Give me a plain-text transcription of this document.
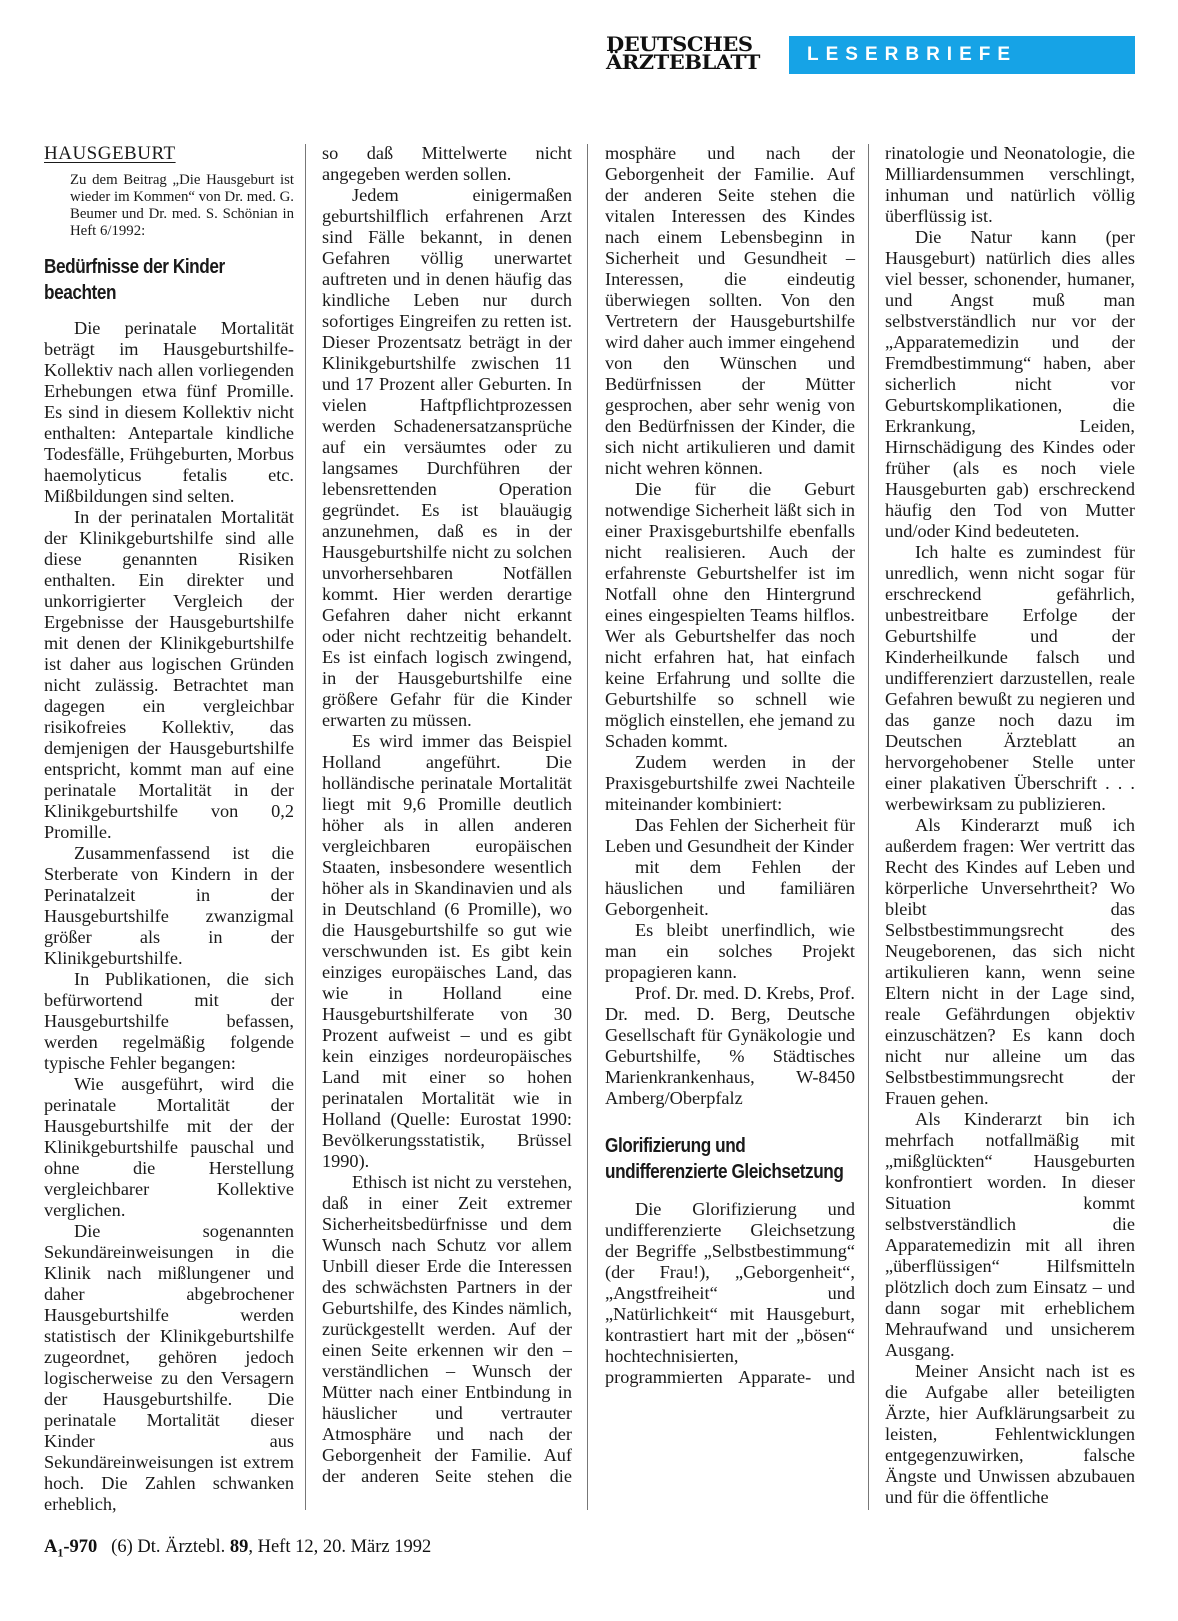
DEUTSCHES
ÄRZTEBLATT	LESERBRIEFE

HAUSGEBURT

Zu dem Beitrag „Die Hausgeburt ist wieder im Kommen“ von Dr. med. G. Beumer und Dr. med. S. Schönian in Heft 6/1992:

Bedürfnisse der Kinder beachten

Die perinatale Mortalität beträgt im Hausgeburtshilfe-Kollektiv nach allen vorliegenden Erhebungen etwa fünf Promille. Es sind in diesem Kollektiv nicht enthalten: Antepartale kindliche Todesfälle, Frühgeburten, Morbus haemolyticus fetalis etc. Mißbildungen sind selten.

In der perinatalen Mortalität der Klinikgeburtshilfe sind alle diese genannten Risiken enthalten. Ein direkter und unkorrigierter Vergleich der Ergebnisse der Hausgeburtshilfe mit denen der Klinikgeburtshilfe ist daher aus logischen Gründen nicht zulässig. Betrachtet man dagegen ein vergleichbar risikofreies Kollektiv, das demjenigen der Hausgeburtshilfe entspricht, kommt man auf eine perinatale Mortalität in der Klinikgeburtshilfe von 0,2 Promille.

Zusammenfassend ist die Sterberate von Kindern in der Perinatalzeit in der Hausgeburtshilfe zwanzigmal größer als in der Klinikgeburtshilfe.

In Publikationen, die sich befürwortend mit der Hausgeburtshilfe befassen, werden regelmäßig folgende typische Fehler begangen:

Wie ausgeführt, wird die perinatale Mortalität der Hausgeburtshilfe mit der der Klinikgeburtshilfe pauschal und ohne die Herstellung vergleichbarer Kollektive verglichen.

Die sogenannten Sekundäreinweisungen in die Klinik nach mißlungener und daher abgebrochener Hausgeburtshilfe werden statistisch der Klinikgeburtshilfe zugeordnet, gehören jedoch logischerweise zu den Versagern der Hausgeburtshilfe. Die perinatale Mortalität dieser Kinder aus Sekundäreinweisungen ist extrem hoch. Die Zahlen schwanken erheblich,

so daß Mittelwerte nicht angegeben werden sollen.

Jedem einigermaßen geburtshilflich erfahrenen Arzt sind Fälle bekannt, in denen Gefahren völlig unerwartet auftreten und in denen häufig das kindliche Leben nur durch sofortiges Eingreifen zu retten ist. Dieser Prozentsatz beträgt in der Klinikgeburtshilfe zwischen 11 und 17 Prozent aller Geburten. In vielen Haftpflichtprozessen werden Schadenersatzansprüche auf ein versäumtes oder zu langsames Durchführen der lebensrettenden Operation gegründet. Es ist blauäugig anzunehmen, daß es in der Hausgeburtshilfe nicht zu solchen unvorhersehbaren Notfällen kommt. Hier werden derartige Gefahren daher nicht erkannt oder nicht rechtzeitig behandelt. Es ist einfach logisch zwingend, in der Hausgeburtshilfe eine größere Gefahr für die Kinder erwarten zu müssen.

Es wird immer das Beispiel Holland angeführt. Die holländische perinatale Mortalität liegt mit 9,6 Promille deutlich höher als in allen anderen vergleichbaren europäischen Staaten, insbesondere wesentlich höher als in Skandinavien und als in Deutschland (6 Promille), wo die Hausgeburtshilfe so gut wie verschwunden ist. Es gibt kein einziges europäisches Land, das wie in Holland eine Hausgeburtshilferate von 30 Prozent aufweist – und es gibt kein einziges nordeuropäisches Land mit einer so hohen perinatalen Mortalität wie in Holland (Quelle: Eurostat 1990: Bevölkerungsstatistik, Brüssel 1990).

Ethisch ist nicht zu verstehen, daß in einer Zeit extremer Sicherheitsbedürfnisse und dem Wunsch nach Schutz vor allem Unbill dieser Erde die Interessen des schwächsten Partners in der Geburtshilfe, des Kindes nämlich, zurückgestellt werden. Auf der einen Seite erkennen wir den – verständlichen – Wunsch der Mütter nach einer Entbindung in häuslicher und vertrauter Atmosphäre und nach der Geborgenheit der Familie. Auf der anderen Seite stehen die

mosphäre und nach der Geborgenheit der Familie. Auf der anderen Seite stehen die vitalen Interessen des Kindes nach einem Lebensbeginn in Sicherheit und Gesundheit – Interessen, die eindeutig überwiegen sollten. Von den Vertretern der Hausgeburtshilfe wird daher auch immer eingehend von den Wünschen und Bedürfnissen der Mütter gesprochen, aber sehr wenig von den Bedürfnissen der Kinder, die sich nicht artikulieren und damit nicht wehren können.

Die für die Geburt notwendige Sicherheit läßt sich in einer Praxisgeburtshilfe ebenfalls nicht realisieren. Auch der erfahrenste Geburtshelfer ist im Notfall ohne den Hintergrund eines eingespielten Teams hilflos. Wer als Geburtshelfer das noch nicht erfahren hat, hat einfach keine Erfahrung und sollte die Geburtshilfe so schnell wie möglich einstellen, ehe jemand zu Schaden kommt.

Zudem werden in der Praxisgeburtshilfe zwei Nachteile miteinander kombiniert:

Das Fehlen der Sicherheit für Leben und Gesundheit der Kinder

mit dem Fehlen der häuslichen und familiären Geborgenheit.

Es bleibt unerfindlich, wie man ein solches Projekt propagieren kann.

Prof. Dr. med. D. Krebs, Prof. Dr. med. D. Berg, Deutsche Gesellschaft für Gynäkologie und Geburtshilfe, % Städtisches Marienkrankenhaus, W-8450 Amberg/Oberpfalz

Glorifizierung und undifferenzierte Gleichsetzung

Die Glorifizierung und undifferenzierte Gleichsetzung der Begriffe „Selbstbestimmung“ (der Frau!), „Geborgenheit“, „Angstfreiheit“ und „Natürlichkeit“ mit Hausgeburt, kontrastiert hart mit der „bösen“ hochtechnisierten, programmierten Apparate- und

rinatologie und Neonatologie, die Milliardensummen verschlingt, inhuman und natürlich völlig überflüssig ist.

Die Natur kann (per Hausgeburt) natürlich dies alles viel besser, schonender, humaner, und Angst muß man selbstverständlich nur vor der „Apparatemedizin und der Fremdbestimmung“ haben, aber sicherlich nicht vor Geburtskomplikationen, die Erkrankung, Leiden, Hirnschädigung des Kindes oder früher (als es noch viele Hausgeburten gab) erschreckend häufig den Tod von Mutter und/oder Kind bedeuteten.

Ich halte es zumindest für unredlich, wenn nicht sogar für erschreckend gefährlich, unbestreitbare Erfolge der Geburtshilfe und der Kinderheilkunde falsch und undifferenziert darzustellen, reale Gefahren bewußt zu negieren und das ganze noch dazu im Deutschen Ärzteblatt an hervorgehobener Stelle unter einer plakativen Überschrift . . . werbewirksam zu publizieren.

Als Kinderarzt muß ich außerdem fragen: Wer vertritt das Recht des Kindes auf Leben und körperliche Unversehrtheit? Wo bleibt das Selbstbestimmungsrecht des Neugeborenen, das sich nicht artikulieren kann, wenn seine Eltern nicht in der Lage sind, reale Gefährdungen objektiv einzuschätzen? Es kann doch nicht nur alleine um das Selbstbestimmungsrecht der Frauen gehen.

Als Kinderarzt bin ich mehrfach notfallmäßig mit „mißglückten“ Hausgeburten konfrontiert worden. In dieser Situation kommt selbstverständlich die Apparatemedizin mit all ihren „überflüssigen“ Hilfsmitteln plötzlich doch zum Einsatz – und dann sogar mit erheblichem Mehraufwand und unsicherem Ausgang.

Meiner Ansicht nach ist es die Aufgabe aller beteiligten Ärzte, hier Aufklärungsarbeit zu leisten, Fehlentwicklungen entgegenzuwirken, falsche Ängste und Unwissen abzubauen und für die öffentliche

$A_1-970$ (6) Dt. Ärztebl. 89, Heft 12, 20. März 1992
